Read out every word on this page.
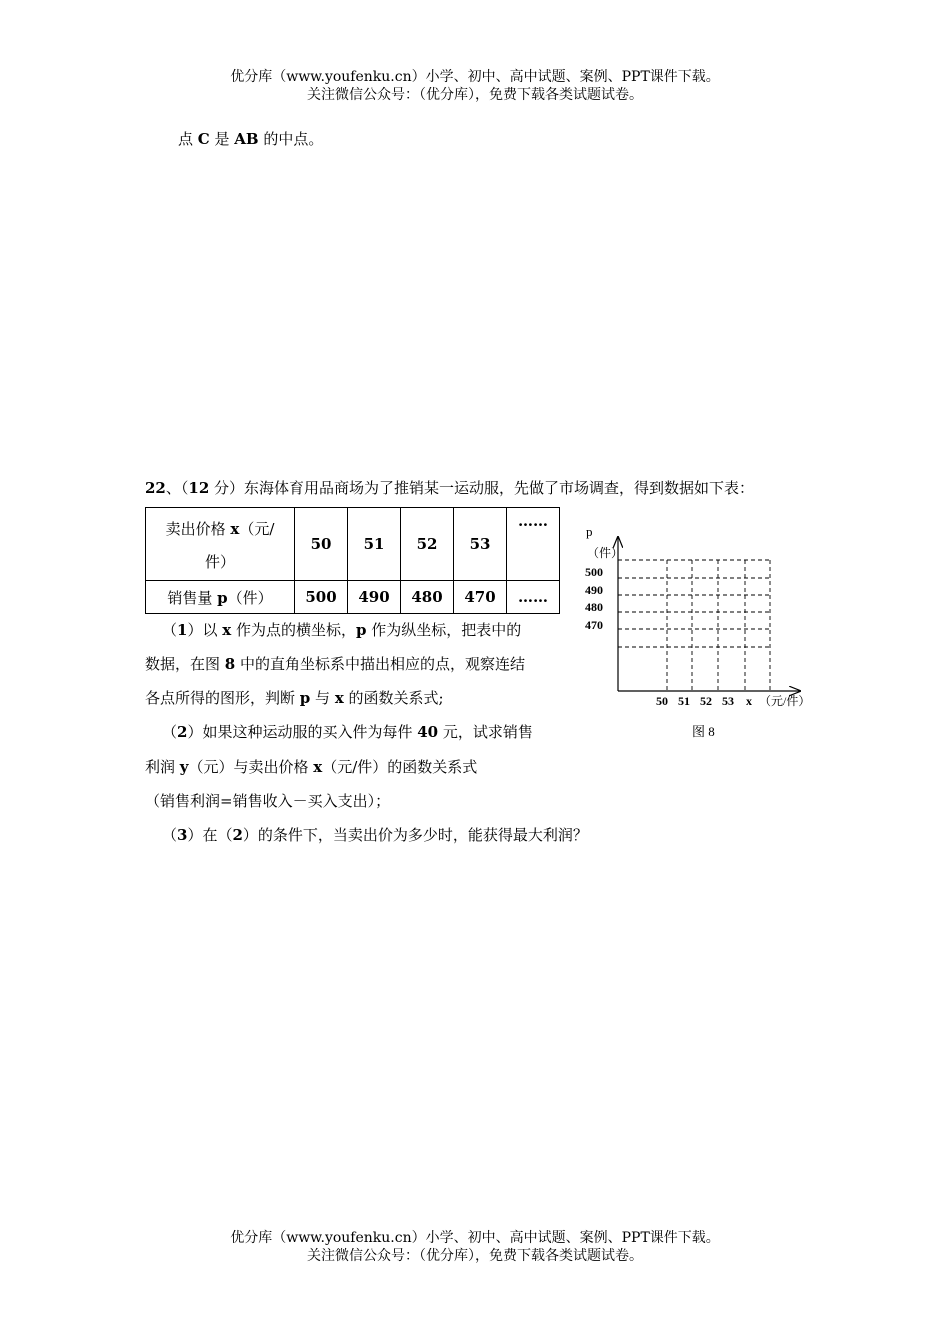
优分库（www.youfenku.cn）小学、初中、高中试题、案例、PPT课件下载。
关注微信公众号：（优分库），免费下载各类试题试卷。
点 C 是 AB 的中点。
22、（12 分）东海体育用品商场为了推销某一运动服，先做了市场调查，得到数据如下表：
卖出价格 x（元/
件）	50	51	52	53	……
销售量 p（件）	500	490	480	470	……
（1）以 x 作为点的横坐标，p 作为纵坐标，把表中的
数据，在图 8 中的直角坐标系中描出相应的点，观察连结
各点所得的图形，判断 p 与 x 的函数关系式;
（2）如果这种运动服的买入件为每件 40 元，试求销售
利润 y（元）与卖出价格 x（元/件）的函数关系式
（销售利润=销售收入－买入支出）；
（3）在（2）的条件下，当卖出价为多少时，能获得最大利润？
p
（件）
500
490
480
470
50 51 52 53 x （元/件）
图 8
优分库（www.youfenku.cn）小学、初中、高中试题、案例、PPT课件下载。
关注微信公众号：（优分库），免费下载各类试题试卷。
